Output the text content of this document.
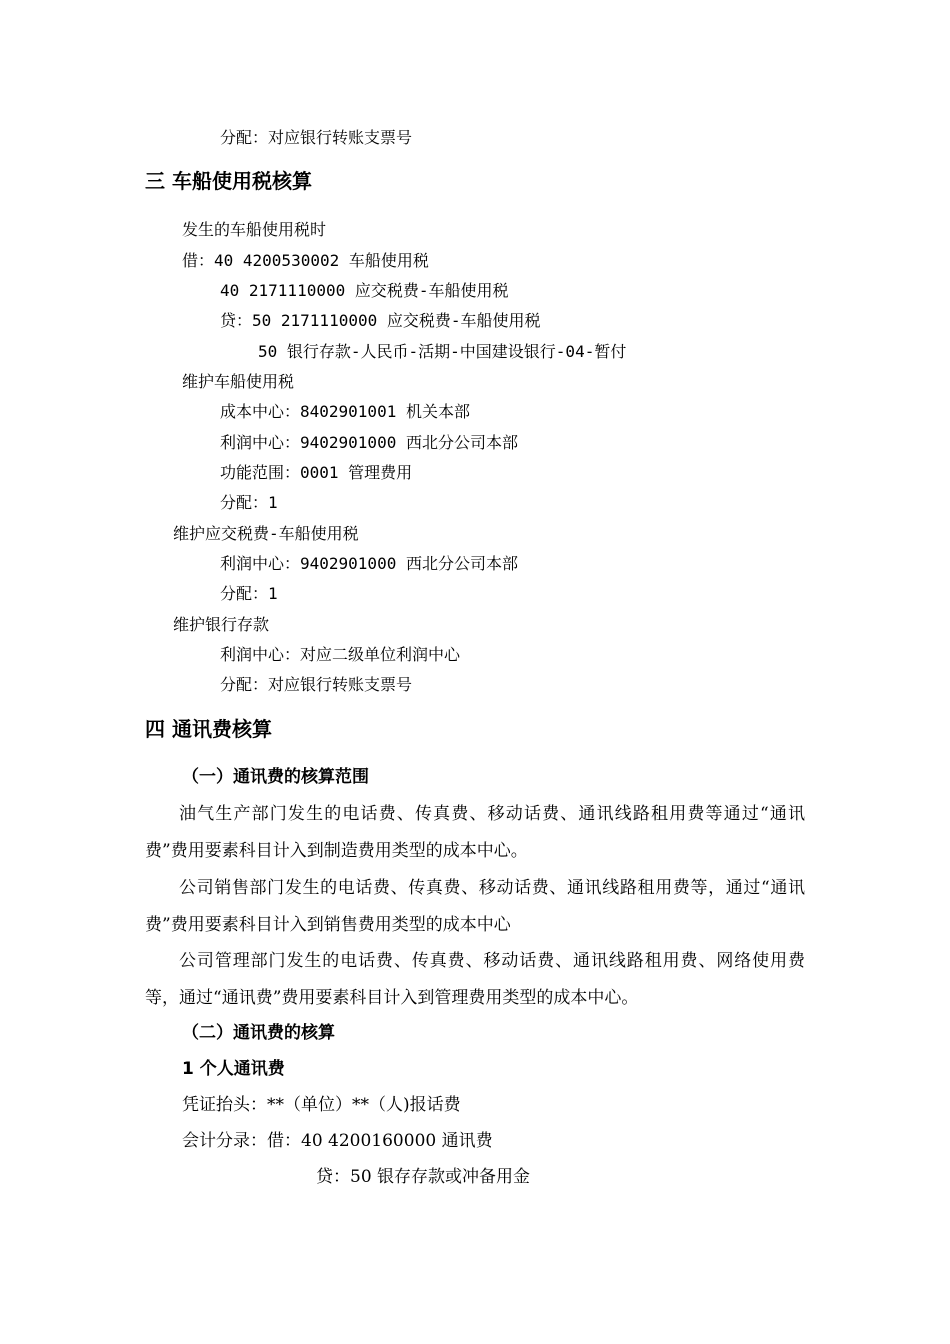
分配：对应银行转账支票号

三 车船使用税核算

发生的车船使用税时

借：40 4200530002 车船使用税

40 2171110000 应交税费-车船使用税

贷：50 2171110000 应交税费-车船使用税

50 银行存款-人民币-活期-中国建设银行-04-暂付

维护车船使用税

成本中心：8402901001 机关本部

利润中心：9402901000 西北分公司本部

功能范围：0001 管理费用

分配：1

维护应交税费-车船使用税

利润中心：9402901000 西北分公司本部

分配：1

维护银行存款

利润中心：对应二级单位利润中心

分配：对应银行转账支票号

四 通讯费核算

（一）通讯费的核算范围

油气生产部门发生的电话费、传真费、移动话费、通讯线路租用费等通过“通讯费”费用要素科目计入到制造费用类型的成本中心。

公司销售部门发生的电话费、传真费、移动话费、通讯线路租用费等，通过“通讯费”费用要素科目计入到销售费用类型的成本中心

公司管理部门发生的电话费、传真费、移动话费、通讯线路租用费、网络使用费等，通过“通讯费”费用要素科目计入到管理费用类型的成本中心。

（二）通讯费的核算

1 个人通讯费

凭证抬头：**（单位）**（人)报话费

会计分录：借：40 4200160000 通讯费

贷：50 银存存款或冲备用金
